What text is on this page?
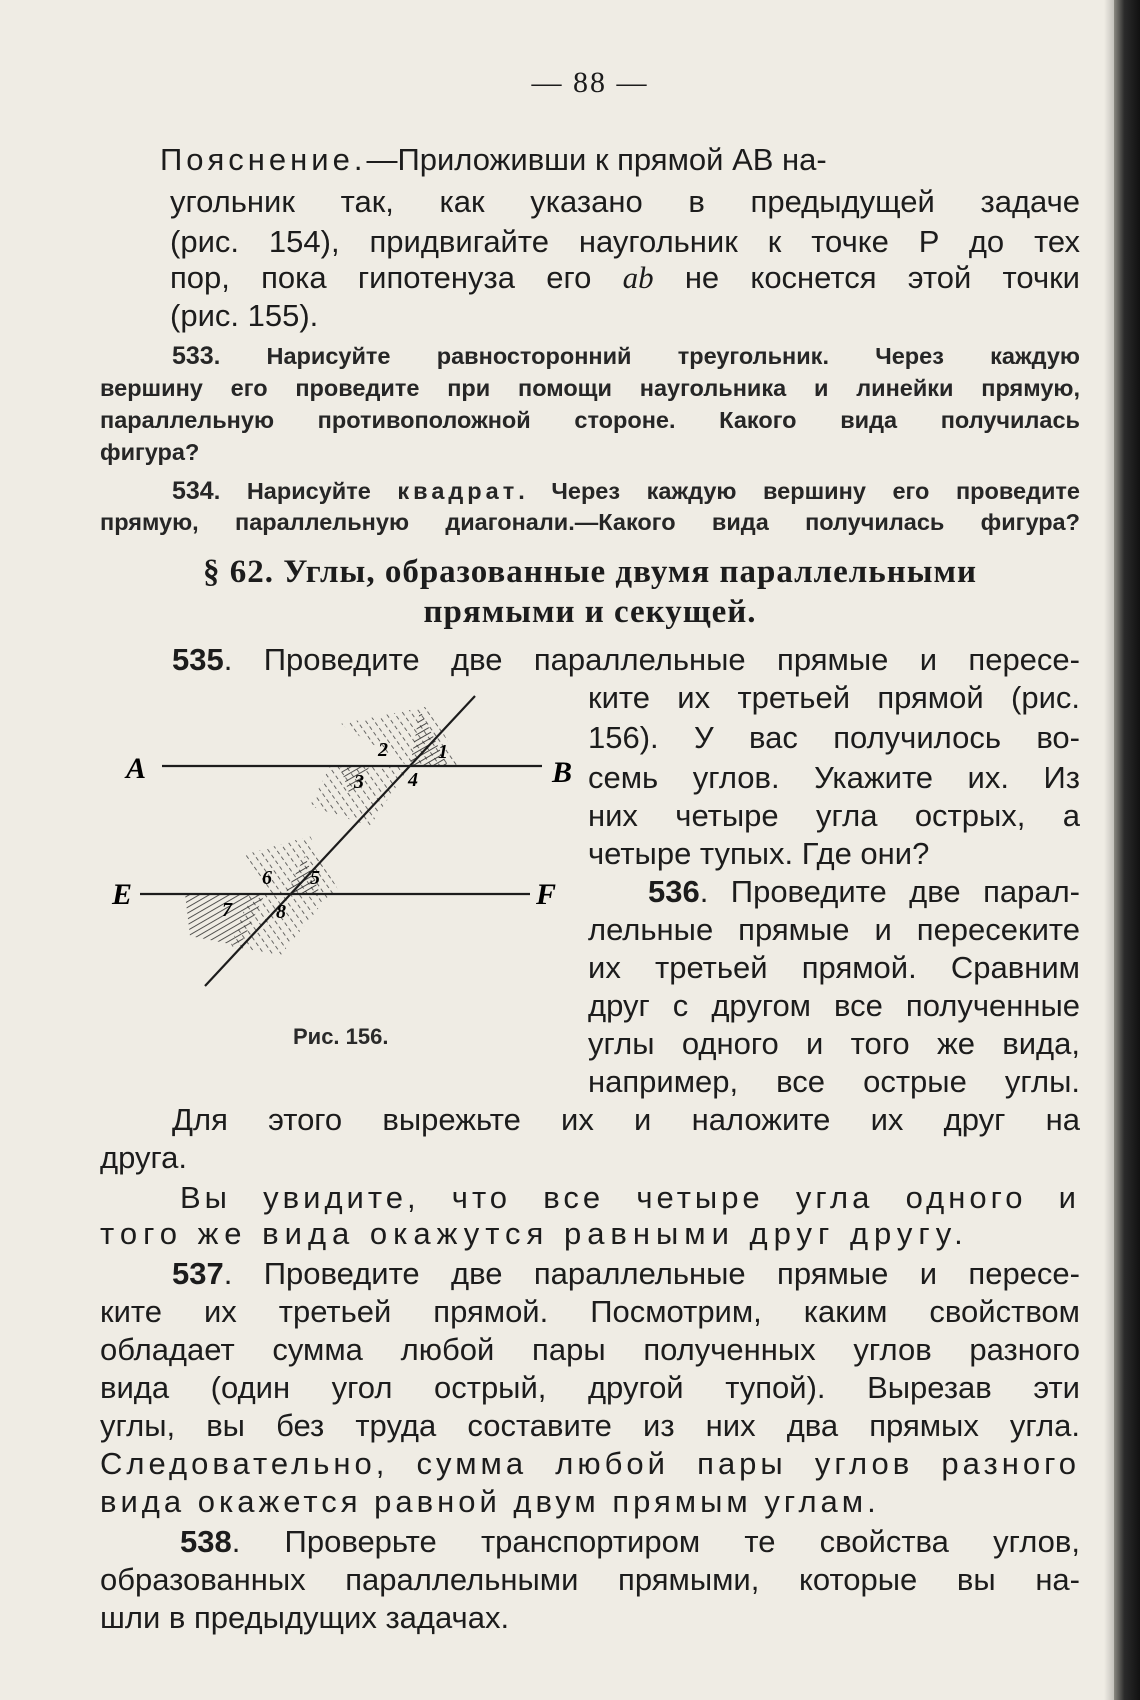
— 88 —
Пояснение.—Приложивши к прямой AB на-
угольник так, как указано в предыдущей задаче
(рис. 154), придвигайте наугольник к точке P до тех
пор, пока гипотенуза его ab не коснется этой точки
(рис. 155).
533. Нарисуйте равносторонний треугольник. Через каждую
вершину его проведите при помощи наугольника и линейки прямую,
параллельную противоположной стороне. Какого вида получилась
фигура?
534. Нарисуйте квадрат. Через каждую вершину его проведите
прямую, параллельную диагонали.—Какого вида получилась фигура?
§ 62. Углы, образованные двумя параллельными
прямыми и секущей.
535. Проведите две параллельные прямые и пересе-
ките их третьей прямой (рис.
156). У вас получилось во-
семь углов. Укажите их. Из
них четыре угла острых, а
четыре тупых. Где они?
536. Проведите две парал-
лельные прямые и пересеките
их третьей прямой. Сравним
друг с другом все полученные
углы одного и того же вида,
например, все острые углы.
Для этого вырежьте их и наложите их друг на
друга.
Вы увидите, что все четыре угла одного и
того же вида окажутся равными друг другу.
537. Проведите две параллельные прямые и пересе-
ките их третьей прямой. Посмотрим, каким свойством
обладает сумма любой пары полученных углов разного
вида (один угол острый, другой тупой). Вырезав эти
углы, вы без труда составите из них два прямых угла.
Следовательно, сумма любой пары углов разного
вида окажется равной двум прямым углам.
538. Проверьте транспортиром те свойства углов,
образованных параллельными прямыми, которые вы на-
шли в предыдущих задачах.
A	B
E	F
1
2
3 4
5
6
7 8
Рис. 156.
